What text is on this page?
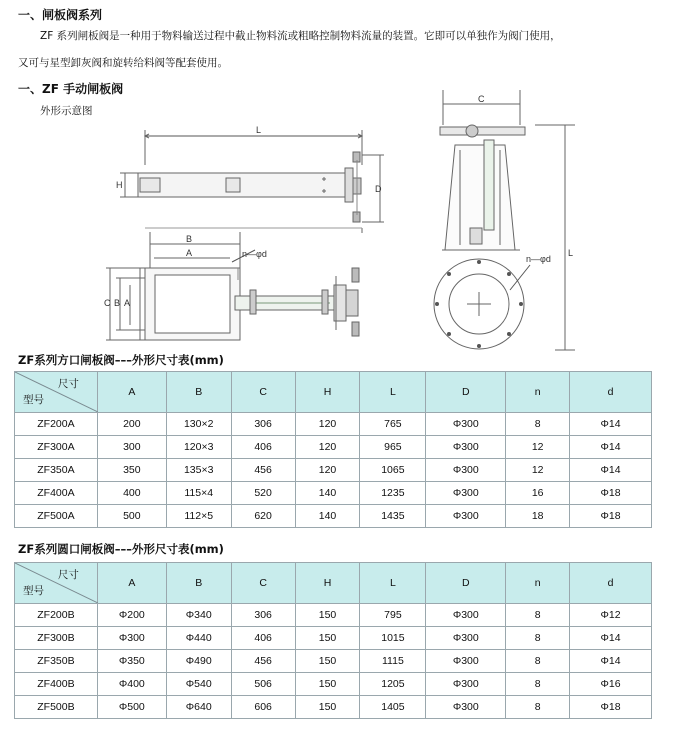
一、闸板阀系列
ZF 系列闸板阀是一种用于物料输送过程中截止物料流或粗略控制物料流量的装置。它即可以单独作为阀门使用，
又可与星型卸灰阀和旋转给料阀等配套使用。
一、ZF 手动闸板阀
外形示意图
L
H	D
B
A
C B A
n—φd
C
L
n—φd
ZF系列方口闸板阀–––外形尺寸表(mm)
尺寸
型号	A	B	C	H	L	D	n	d
ZF200A	200	130×2	306	120	765	Φ300	8	Φ14
ZF300A	300	120×3	406	120	965	Φ300	12	Φ14
ZF350A	350	135×3	456	120	1065	Φ300	12	Φ14
ZF400A	400	115×4	520	140	1235	Φ300	16	Φ18
ZF500A	500	112×5	620	140	1435	Φ300	18	Φ18
ZF系列圆口闸板阀–––外形尺寸表(mm)
尺寸
型号	A	B	C	H	L	D	n	d
ZF200B	Φ200	Φ340	306	150	795	Φ300	8	Φ12
ZF300B	Φ300	Φ440	406	150	1015	Φ300	8	Φ14
ZF350B	Φ350	Φ490	456	150	1115	Φ300	8	Φ14
ZF400B	Φ400	Φ540	506	150	1205	Φ300	8	Φ16
ZF500B	Φ500	Φ640	606	150	1405	Φ300	8	Φ18
